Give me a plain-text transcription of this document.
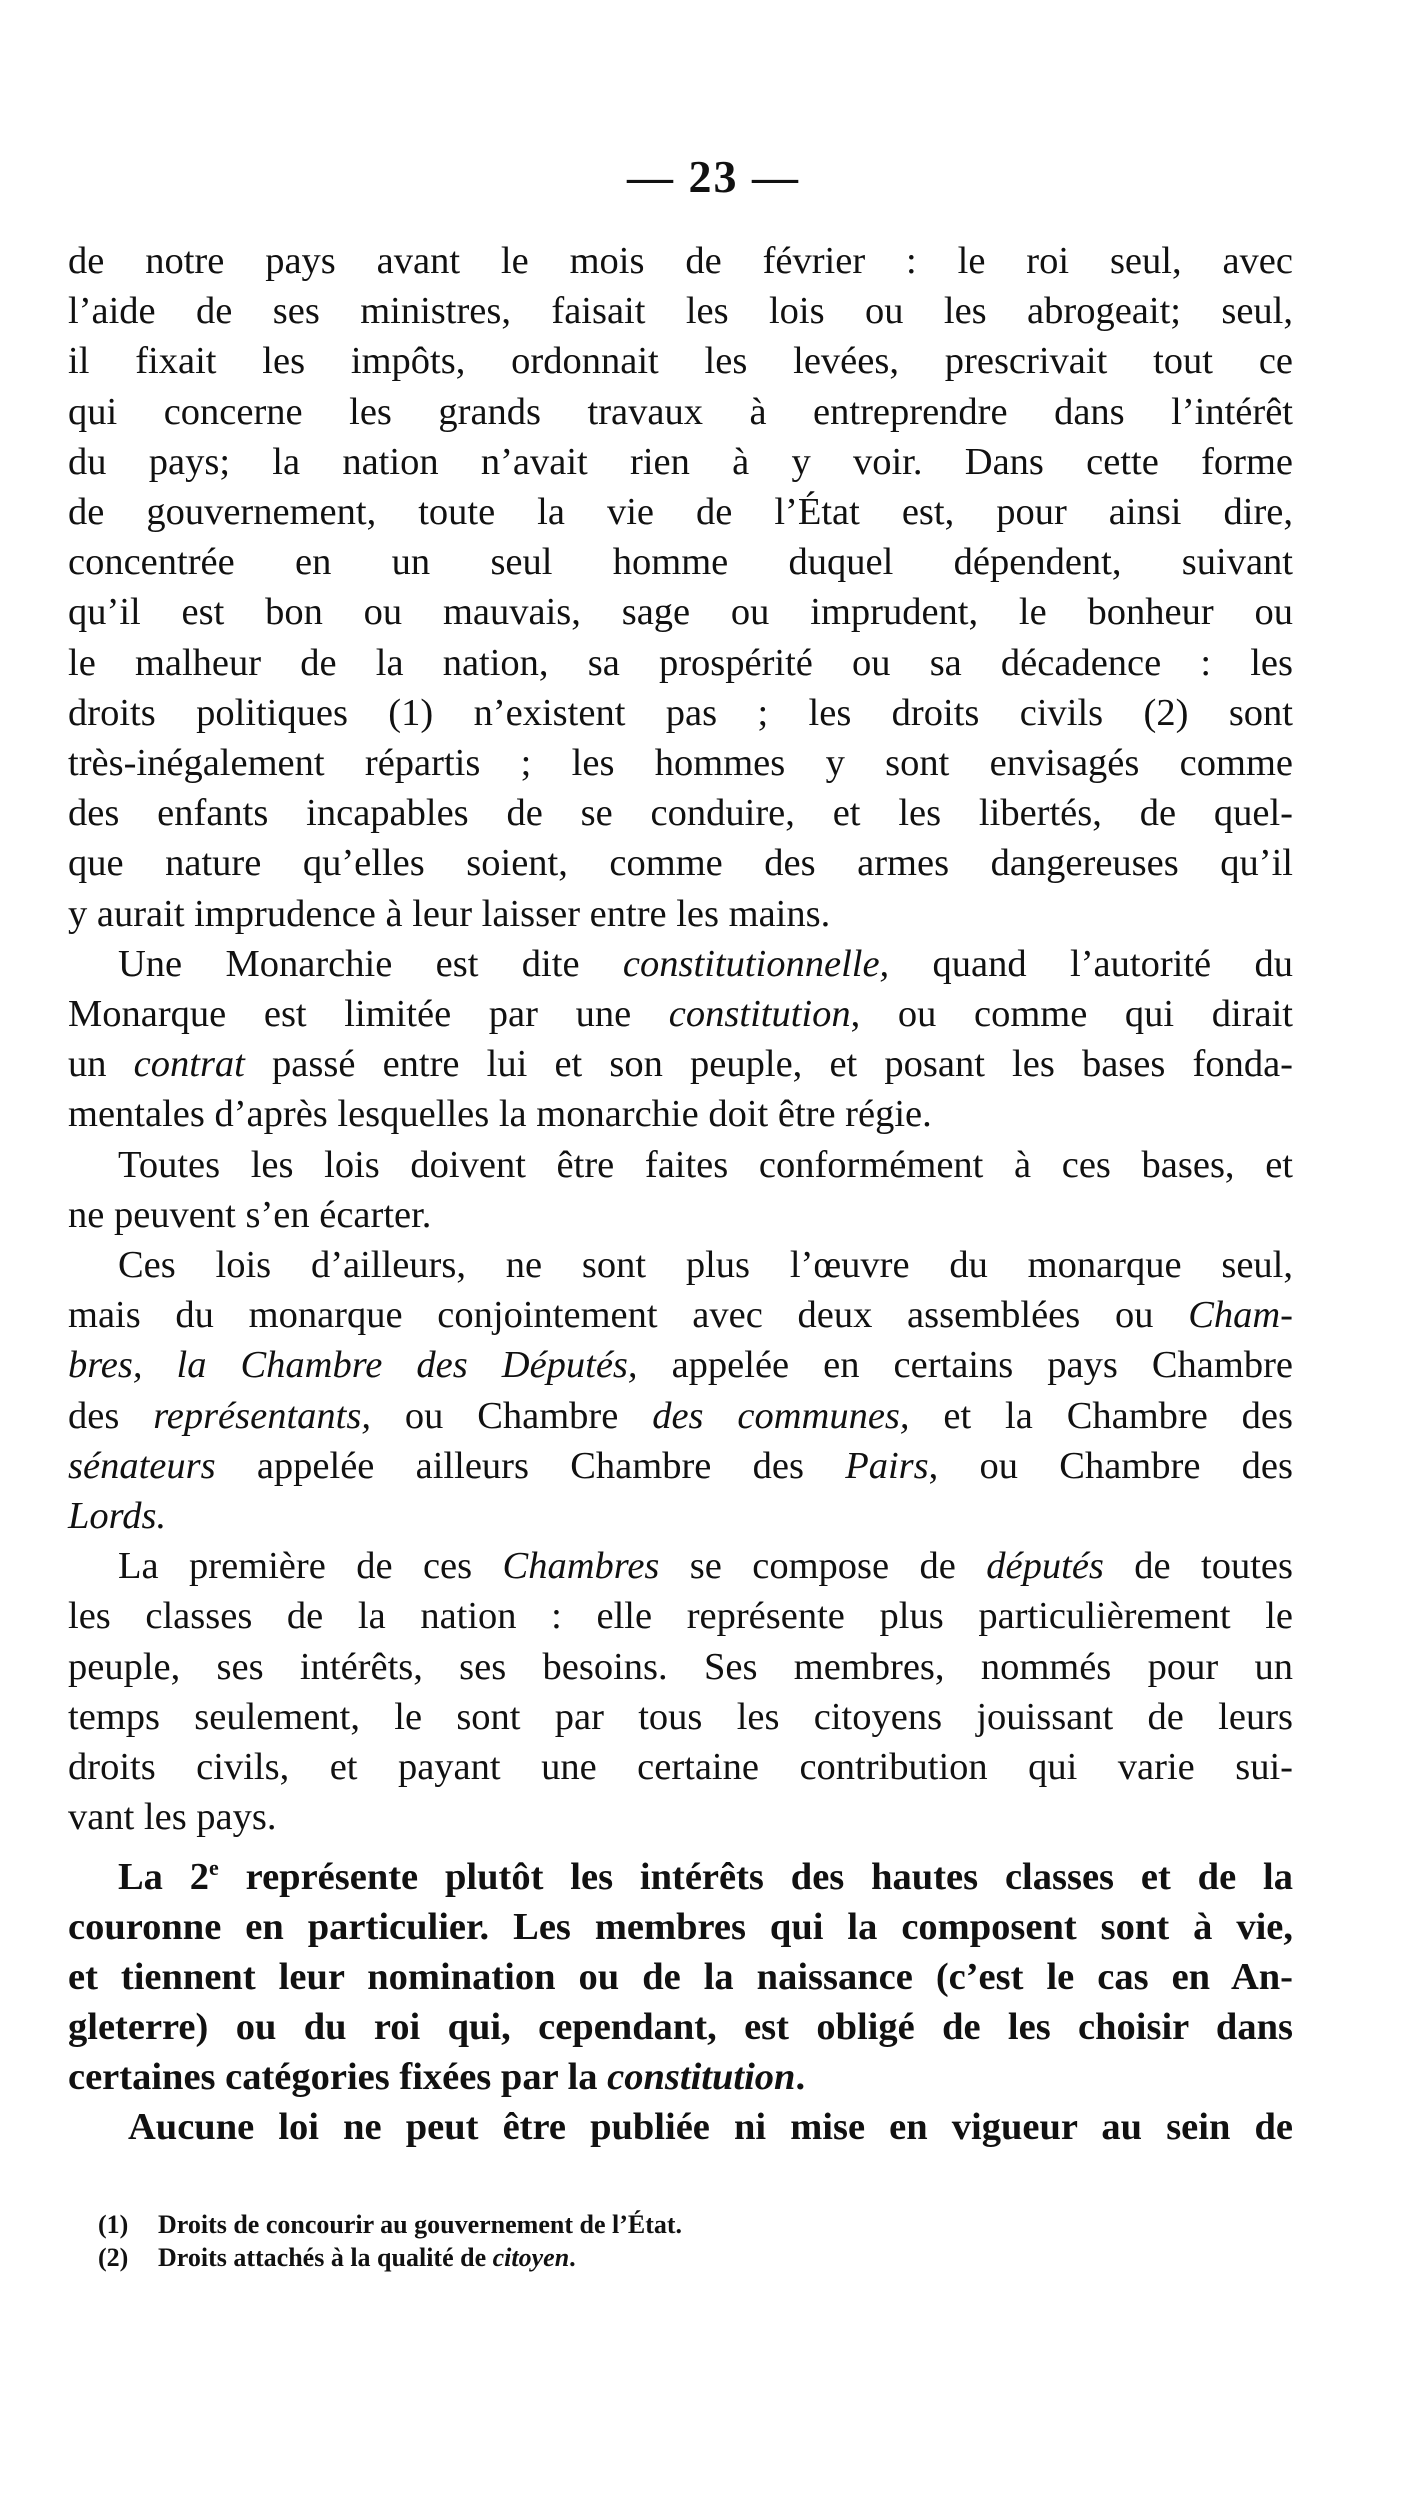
— 23 —
de notre pays avant le mois de février : le roi seul, avec
l’aide de ses ministres, faisait les lois ou les abrogeait; seul,
il fixait les impôts, ordonnait les levées, prescrivait tout ce
qui concerne les grands travaux à entreprendre dans l’intérêt
du pays; la nation n’avait rien à y voir. Dans cette forme
de gouvernement, toute la vie de l’État est, pour ainsi dire,
concentrée en un seul homme duquel dépendent, suivant
qu’il est bon ou mauvais, sage ou imprudent, le bonheur ou
le malheur de la nation, sa prospérité ou sa décadence : les
droits politiques (1) n’existent pas ; les droits civils (2) sont
très-inégalement répartis ; les hommes y sont envisagés comme
des enfants incapables de se conduire, et les libertés, de quel-
que nature qu’elles soient, comme des armes dangereuses qu’il
y aurait imprudence à leur laisser entre les mains.
Une Monarchie est dite constitutionnelle, quand l’autorité du
Monarque est limitée par une constitution, ou comme qui dirait
un contrat passé entre lui et son peuple, et posant les bases fonda-
mentales d’après lesquelles la monarchie doit être régie.
Toutes les lois doivent être faites conformément à ces bases, et
ne peuvent s’en écarter.
Ces lois d’ailleurs, ne sont plus l’œuvre du monarque seul,
mais du monarque conjointement avec deux assemblées ou Cham-
bres, la Chambre des Députés, appelée en certains pays Chambre
des représentants, ou Chambre des communes, et la Chambre des
sénateurs appelée ailleurs Chambre des Pairs, ou Chambre des
Lords.
La première de ces Chambres se compose de députés de toutes
les classes de la nation : elle représente plus particulièrement le
peuple, ses intérêts, ses besoins. Ses membres, nommés pour un
temps seulement, le sont par tous les citoyens jouissant de leurs
droits civils, et payant une certaine contribution qui varie sui-
vant les pays.
La 2e représente plutôt les intérêts des hautes classes et de la
couronne en particulier. Les membres qui la composent sont à vie,
et tiennent leur nomination ou de la naissance (c’est le cas en An-
gleterre) ou du roi qui, cependant, est obligé de les choisir dans
certaines catégories fixées par la constitution.
Aucune loi ne peut être publiée ni mise en vigueur au sein de
(1) Droits de concourir au gouvernement de l’État.
(2) Droits attachés à la qualité de citoyen.
